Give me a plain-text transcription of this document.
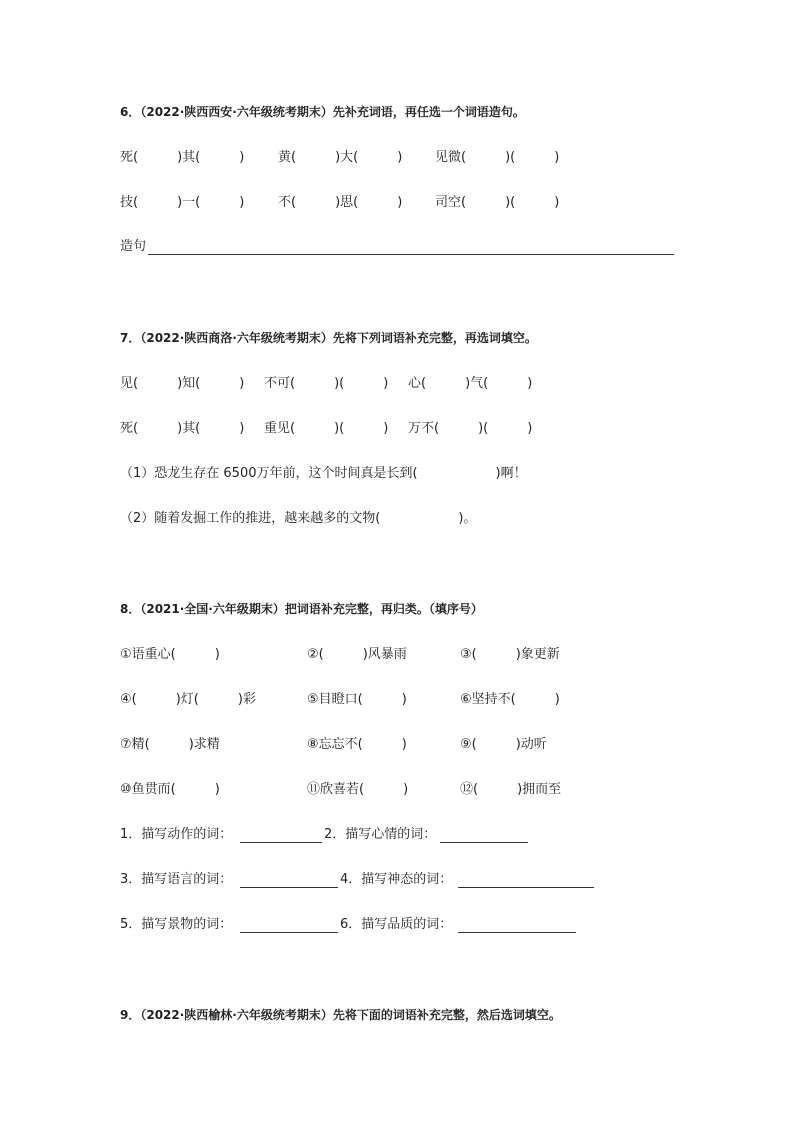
6．（2022·陕西西安·六年级统考期末）先补充词语，再任选一个词语造句。
死(　　　)其(　　　)	黄(　　　)大(　　　)	见微(　　　)(　　　)
技(　　　)一(　　　)	不(　　　)思(　　　)	司空(　　　)(　　　)
造句
7．（2022·陕西商洛·六年级统考期末）先将下列词语补充完整，再选词填空。
见(　　　)知(　　　) 不可(　　　)(　　　) 心(　　　)气(　　　)
死(　　　)其(　　　) 重见(　　　)(　　　) 万不(　　　)(　　　)
（1）恐龙生存在 6500万年前，这个时间真是长到(　　　　　　)啊！
（2）随着发掘工作的推进，越来越多的文物(　　　　　　)。
8．（2021·全国·六年级期末）把词语补充完整，再归类。（填序号）
①语重心(　　　)	②(　　　)风暴雨	③(　　　)象更新
④(　　　)灯(　　　)彩	⑤目瞪口(　　　)	⑥坚持不(　　　)
⑦精(　　　)求精	⑧忘忘不(　　　)	⑨(　　　)动听
⑩鱼贯而(　　　)	⑪欣喜若(　　　)	⑫(　　　)拥而至
1．描写动作的词：	2．描写心情的词：
3．描写语言的词：	4．描写神态的词：
5．描写景物的词：	6．描写品质的词：
9．（2022·陕西榆林·六年级统考期末）先将下面的词语补充完整，然后选词填空。
